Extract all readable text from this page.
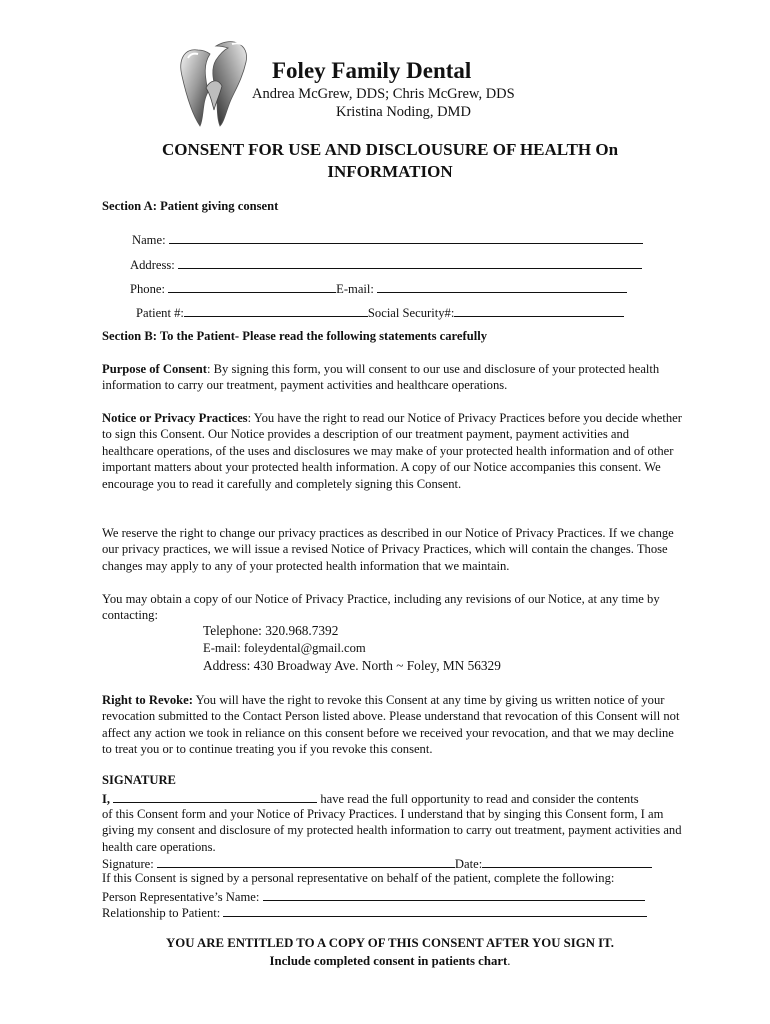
Foley Family Dental
Andrea McGrew, DDS; Chris McGrew, DDS
Kristina Noding, DMD
CONSENT FOR USE AND DISCLOUSURE OF HEALTH On
INFORMATION
Section A: Patient giving consent
Name:
Address:
Phone:	E-mail:
Patient #:	Social Security#:
Section B: To the Patient- Please read the following statements carefully

Purpose of Consent: By signing this form, you will consent to our use and disclosure of your protected health information to carry our treatment, payment activities and healthcare operations.

Notice or Privacy Practices: You have the right to read our Notice of Privacy Practices before you decide whether to sign this Consent. Our Notice provides a description of our treatment payment, payment activities and healthcare operations, of the uses and disclosures we may make of your protected health information and of other important matters about your protected health information. A copy of our Notice accompanies this consent. We encourage you to read it carefully and completely signing this Consent.

We reserve the right to change our privacy practices as described in our Notice of Privacy Practices. If we change our privacy practices, we will issue a revised Notice of Privacy Practices, which will contain the changes. Those changes may apply to any of your protected health information that we maintain.

You may obtain a copy of our Notice of Privacy Practice, including any revisions of our Notice, at any time by contacting:

Telephone: 320.968.7392
E-mail: foleydental@gmail.com
Address: 430 Broadway Ave. North ~ Foley, MN 56329

Right to Revoke: You will have the right to revoke this Consent at any time by giving us written notice of your revocation submitted to the Contact Person listed above. Please understand that revocation of this Consent will not affect any action we took in reliance on this consent before we received your revocation, and that we may decline to treat you or to continue treating you if you revoke this consent.

SIGNATURE
I,	have read the full opportunity to read and consider the contents

of this Consent form and your Notice of Privacy Practices. I understand that by singing this Consent form, I am giving my consent and disclosure of my protected health information to carry out treatment, payment activities and health care operations.

Signature:	Date:
If this Consent is signed by a personal representative on behalf of the patient, complete the following:
Person Representative’s Name:
Relationship to Patient:
YOU ARE ENTITLED TO A COPY OF THIS CONSENT AFTER YOU SIGN IT.
Include completed consent in patients chart.
